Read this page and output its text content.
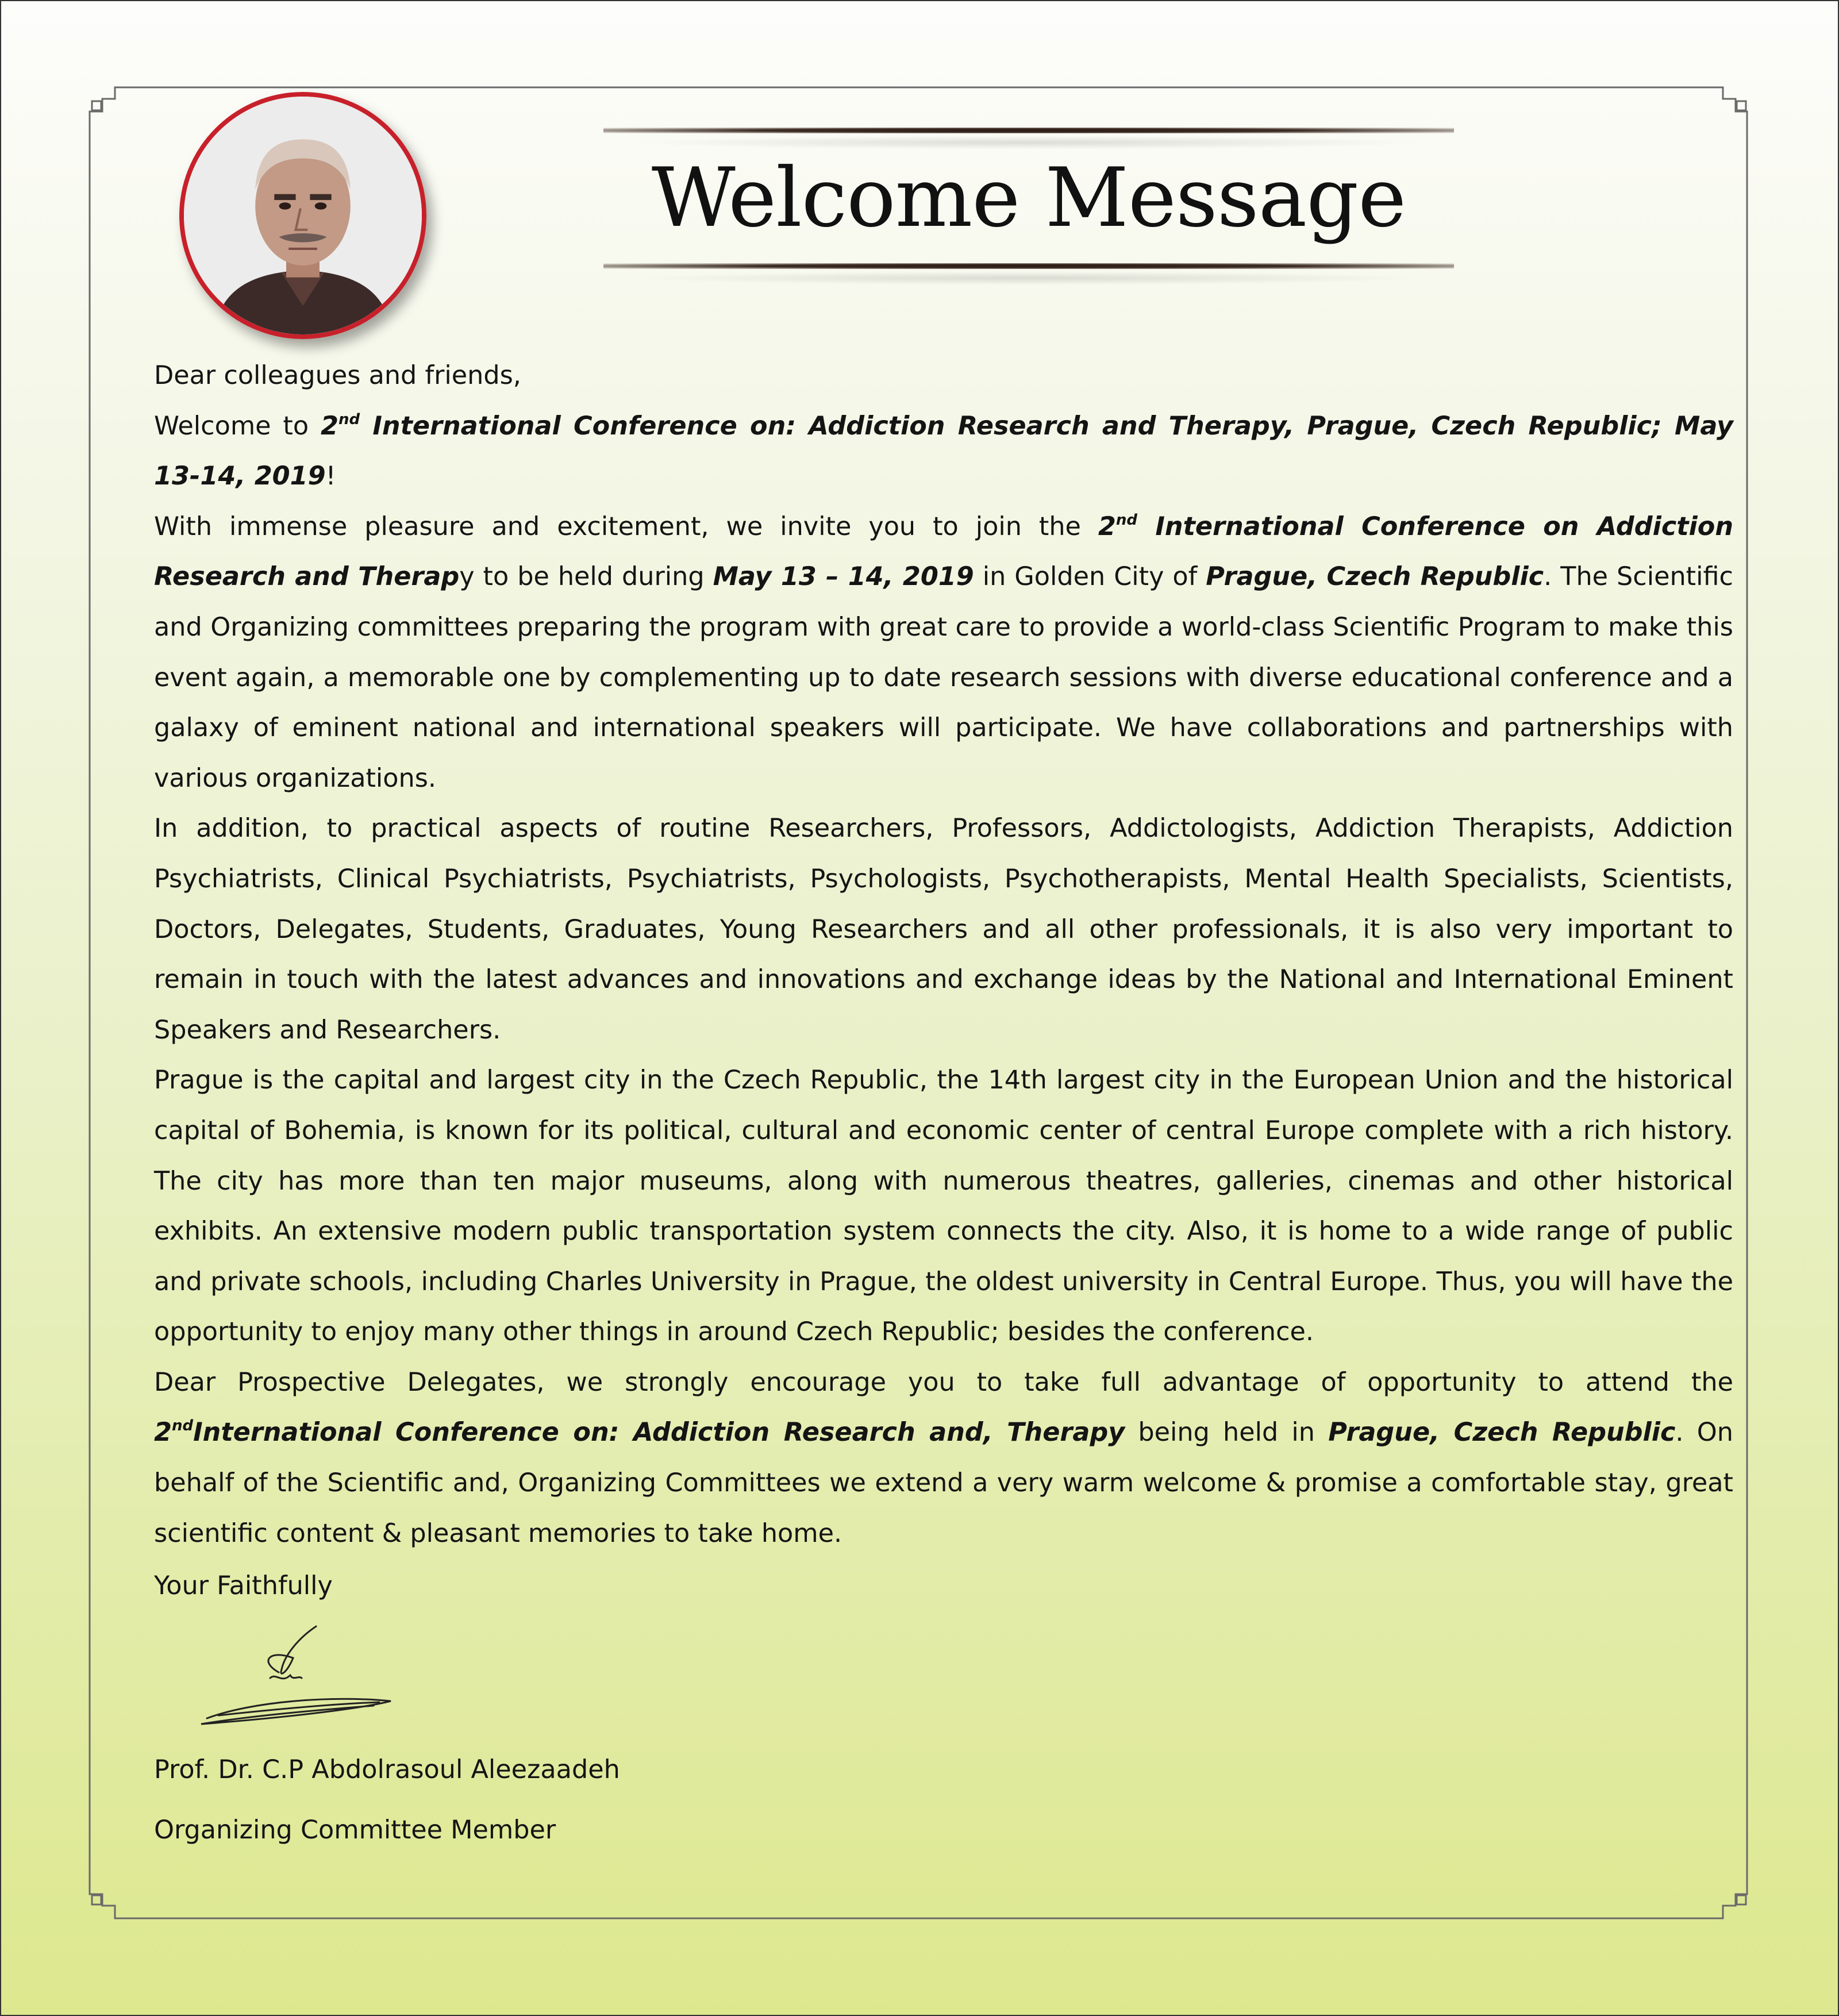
Welcome Message

Dear colleagues and friends,

Welcome to 2nd International Conference on: Addiction Research and Therapy, Prague, Czech Republic; May 13-14, 2019!

With immense pleasure and excitement, we invite you to join the 2nd International Conference on Addiction Research and Therapy to be held during May 13 – 14, 2019 in Golden City of Prague, Czech Republic. The Scientific and Organizing committees preparing the program with great care to provide a world-class Scientific Program to make this event again, a memorable one by complementing up to date research sessions with diverse educational conference and a galaxy of eminent national and international speakers will participate. We have collaborations and partnerships with various organizations.

In addition, to practical aspects of routine Researchers, Professors, Addictologists, Addiction Therapists, Addiction Psychiatrists, Clinical Psychiatrists, Psychiatrists, Psychologists, Psychotherapists, Mental Health Specialists, Scientists, Doctors, Delegates, Students, Graduates, Young Researchers and all other professionals, it is also very important to remain in touch with the latest advances and innovations and exchange ideas by the National and International Eminent Speakers and Researchers.

Prague is the capital and largest city in the Czech Republic, the 14th largest city in the European Union and the historical capital of Bohemia, is known for its political, cultural and economic center of central Europe complete with a rich history. The city has more than ten major museums, along with numerous theatres, galleries, cinemas and other historical exhibits. An extensive modern public transportation system connects the city. Also, it is home to a wide range of public and private schools, including Charles University in Prague, the oldest university in Central Europe. Thus, you will have the opportunity to enjoy many other things in around Czech Republic; besides the conference.

Dear Prospective Delegates, we strongly encourage you to take full advantage of opportunity to attend the 2ndInternational Conference on: Addiction Research and, Therapy being held in Prague, Czech Republic. On behalf of the Scientific and, Organizing Committees we extend a very warm welcome & promise a comfortable stay, great scientific content & pleasant memories to take home.

Your Faithfully
Prof. Dr. C.P Abdolrasoul Aleezaadeh
Organizing Committee Member
